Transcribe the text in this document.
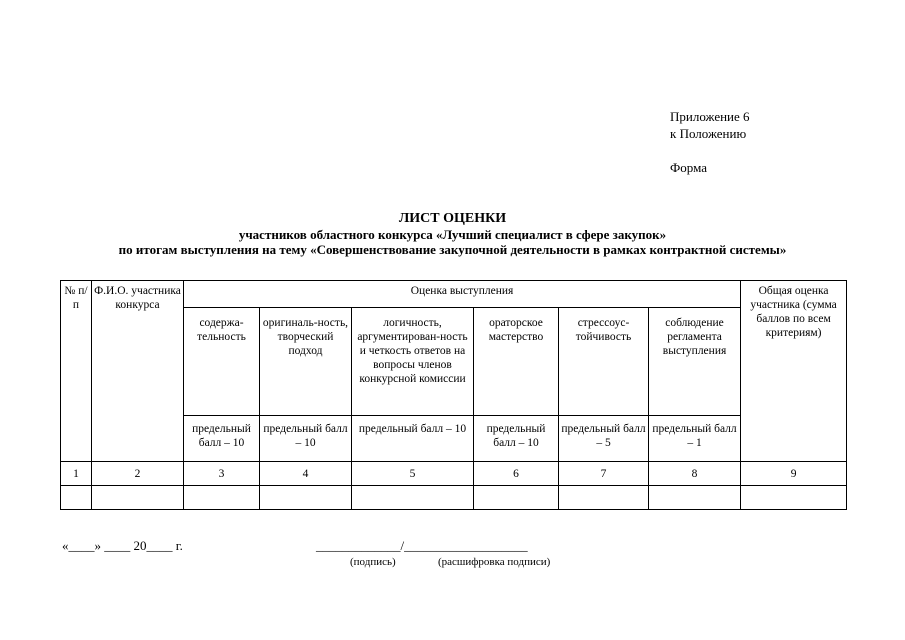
Приложение 6
к Положению
Форма
ЛИСТ ОЦЕНКИ
участников областного конкурса «Лучший специалист в сфере закупок»
по итогам выступления на тему «Совершенствование закупочной деятельности в рамках контрактной системы»
№ п/п	Ф.И.О. участника конкурса	Оценка выступления						Общая оценка участника (сумма баллов по всем критериям)
		содержа-тельность	оригиналь-ность, творческий подход	логичность, аргументирован-ность и четкость ответов на вопросы членов конкурсной комиссии	ораторское мастерство	стрессоус-тойчивость	соблюдение регламента выступления	
		предельный балл – 10	предельный балл – 10	предельный балл – 10	предельный балл – 10	предельный балл – 5	предельный балл – 1	
1	2	3	4	5	6	7	8	9

«____» ____ 20____ г.	_____________/___________________
(подпись)	(расшифровка подписи)
